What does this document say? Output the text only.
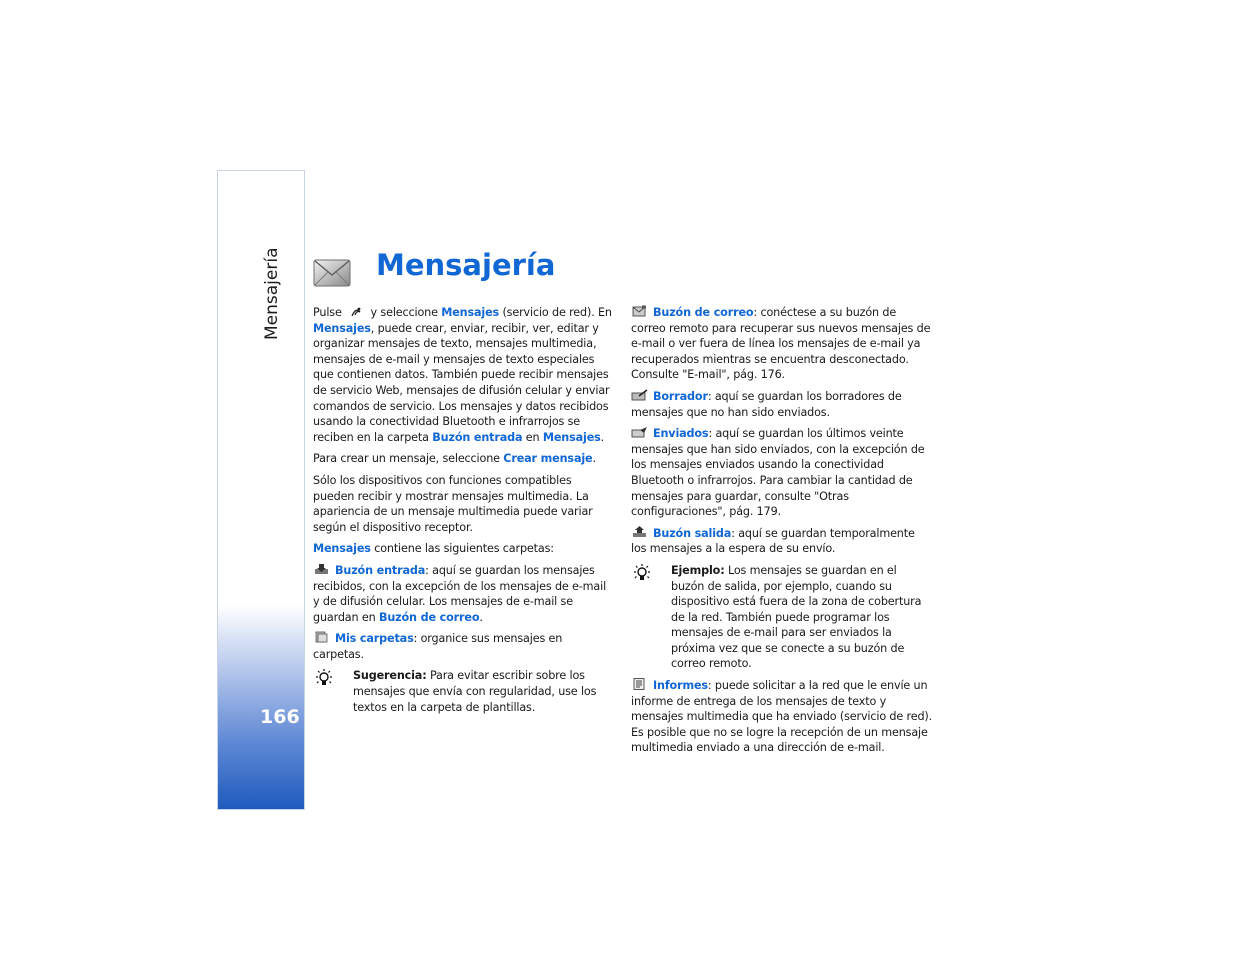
Mensajería
166
Mensajería

Pulse	y seleccione Mensajes (servicio de red). En Mensajes, puede crear, enviar, recibir, ver, editar y organizar mensajes de texto, mensajes multimedia, mensajes de e-mail y mensajes de texto especiales que contienen datos. También puede recibir mensajes de servicio Web, mensajes de difusión celular y enviar comandos de servicio. Los mensajes y datos recibidos usando la conectividad Bluetooth e infrarrojos se reciben en la carpeta Buzón entrada en Mensajes.

Para crear un mensaje, seleccione Crear mensaje.

Sólo los dispositivos con funciones compatibles pueden recibir y mostrar mensajes multimedia. La apariencia de un mensaje multimedia puede variar según el dispositivo receptor.

Mensajes contiene las siguientes carpetas:

Buzón entrada: aquí se guardan los mensajes recibidos, con la excepción de los mensajes de e-mail y de difusión celular. Los mensajes de e-mail se guardan en Buzón de correo.

Mis carpetas: organice sus mensajes en carpetas.

Sugerencia: Para evitar escribir sobre los mensajes que envía con regularidad, use los textos en la carpeta de plantillas.

Buzón de correo: conéctese a su buzón de correo remoto para recuperar sus nuevos mensajes de e-mail o ver fuera de línea los mensajes de e-mail ya recuperados mientras se encuentra desconectado. Consulte "E-mail", pág. 176.

Borrador: aquí se guardan los borradores de mensajes que no han sido enviados.

Enviados: aquí se guardan los últimos veinte mensajes que han sido enviados, con la excepción de los mensajes enviados usando la conectividad Bluetooth o infrarrojos. Para cambiar la cantidad de mensajes para guardar, consulte "Otras configuraciones", pág. 179.

Buzón salida: aquí se guardan temporalmente los mensajes a la espera de su envío.

Ejemplo: Los mensajes se guardan en el buzón de salida, por ejemplo, cuando su dispositivo está fuera de la zona de cobertura de la red. También puede programar los mensajes de e-mail para ser enviados la próxima vez que se conecte a su buzón de correo remoto.

Informes: puede solicitar a la red que le envíe un informe de entrega de los mensajes de texto y mensajes multimedia que ha enviado (servicio de red). Es posible que no se logre la recepción de un mensaje multimedia enviado a una dirección de e-mail.
